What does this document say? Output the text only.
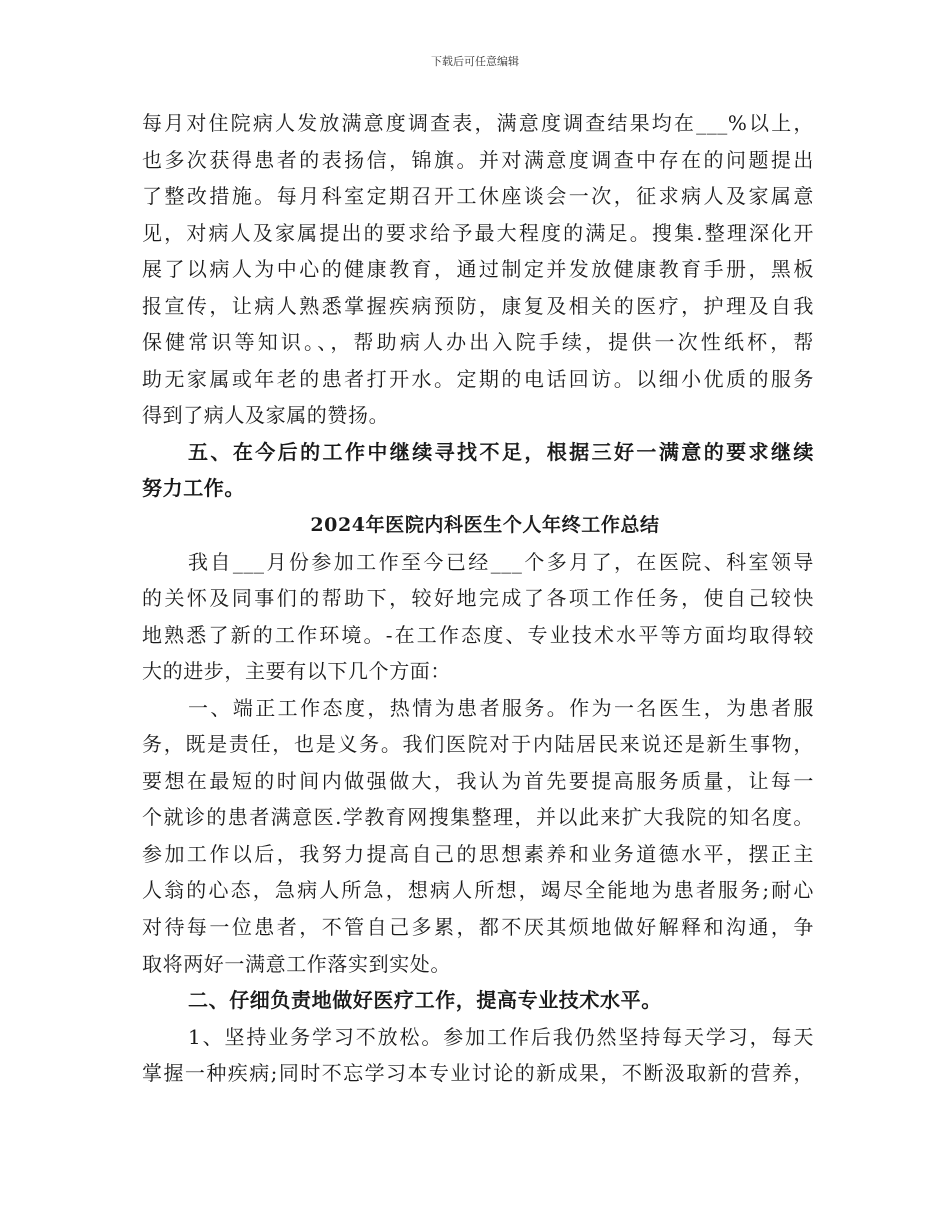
下载后可任意编辑
每月对住院病人发放满意度调查表，满意度调查结果均在___%以上，
也多次获得患者的表扬信，锦旗。并对满意度调查中存在的问题提出
了整改措施。每月科室定期召开工休座谈会一次，征求病人及家属意
见，对病人及家属提出的要求给予最大程度的满足。搜集.整理深化开
展了以病人为中心的健康教育，通过制定并发放健康教育手册，黑板
报宣传，让病人熟悉掌握疾病预防，康复及相关的医疗，护理及自我
保健常识等知识。、，帮助病人办出入院手续，提供一次性纸杯，帮
助无家属或年老的患者打开水。定期的电话回访。以细小优质的服务
得到了病人及家属的赞扬。
五、在今后的工作中继续寻找不足，根据三好一满意的要求继续
努力工作。
2024年医院内科医生个人年终工作总结
我自___月份参加工作至今已经___个多月了，在医院、科室领导
的关怀及同事们的帮助下，较好地完成了各项工作任务，使自己较快
地熟悉了新的工作环境。-在工作态度、专业技术水平等方面均取得较
大的进步，主要有以下几个方面：
一、端正工作态度，热情为患者服务。作为一名医生，为患者服
务，既是责任，也是义务。我们医院对于内陆居民来说还是新生事物，
要想在最短的时间内做强做大，我认为首先要提高服务质量，让每一
个就诊的患者满意医.学教育网搜集整理，并以此来扩大我院的知名度。
参加工作以后，我努力提高自己的思想素养和业务道德水平，摆正主
人翁的心态，急病人所急，想病人所想，竭尽全能地为患者服务;耐心
对待每一位患者，不管自己多累，都不厌其烦地做好解释和沟通，争
取将两好一满意工作落实到实处。
二、仔细负责地做好医疗工作，提高专业技术水平。
1、坚持业务学习不放松。参加工作后我仍然坚持每天学习，每天
掌握一种疾病;同时不忘学习本专业讨论的新成果，不断汲取新的营养，
